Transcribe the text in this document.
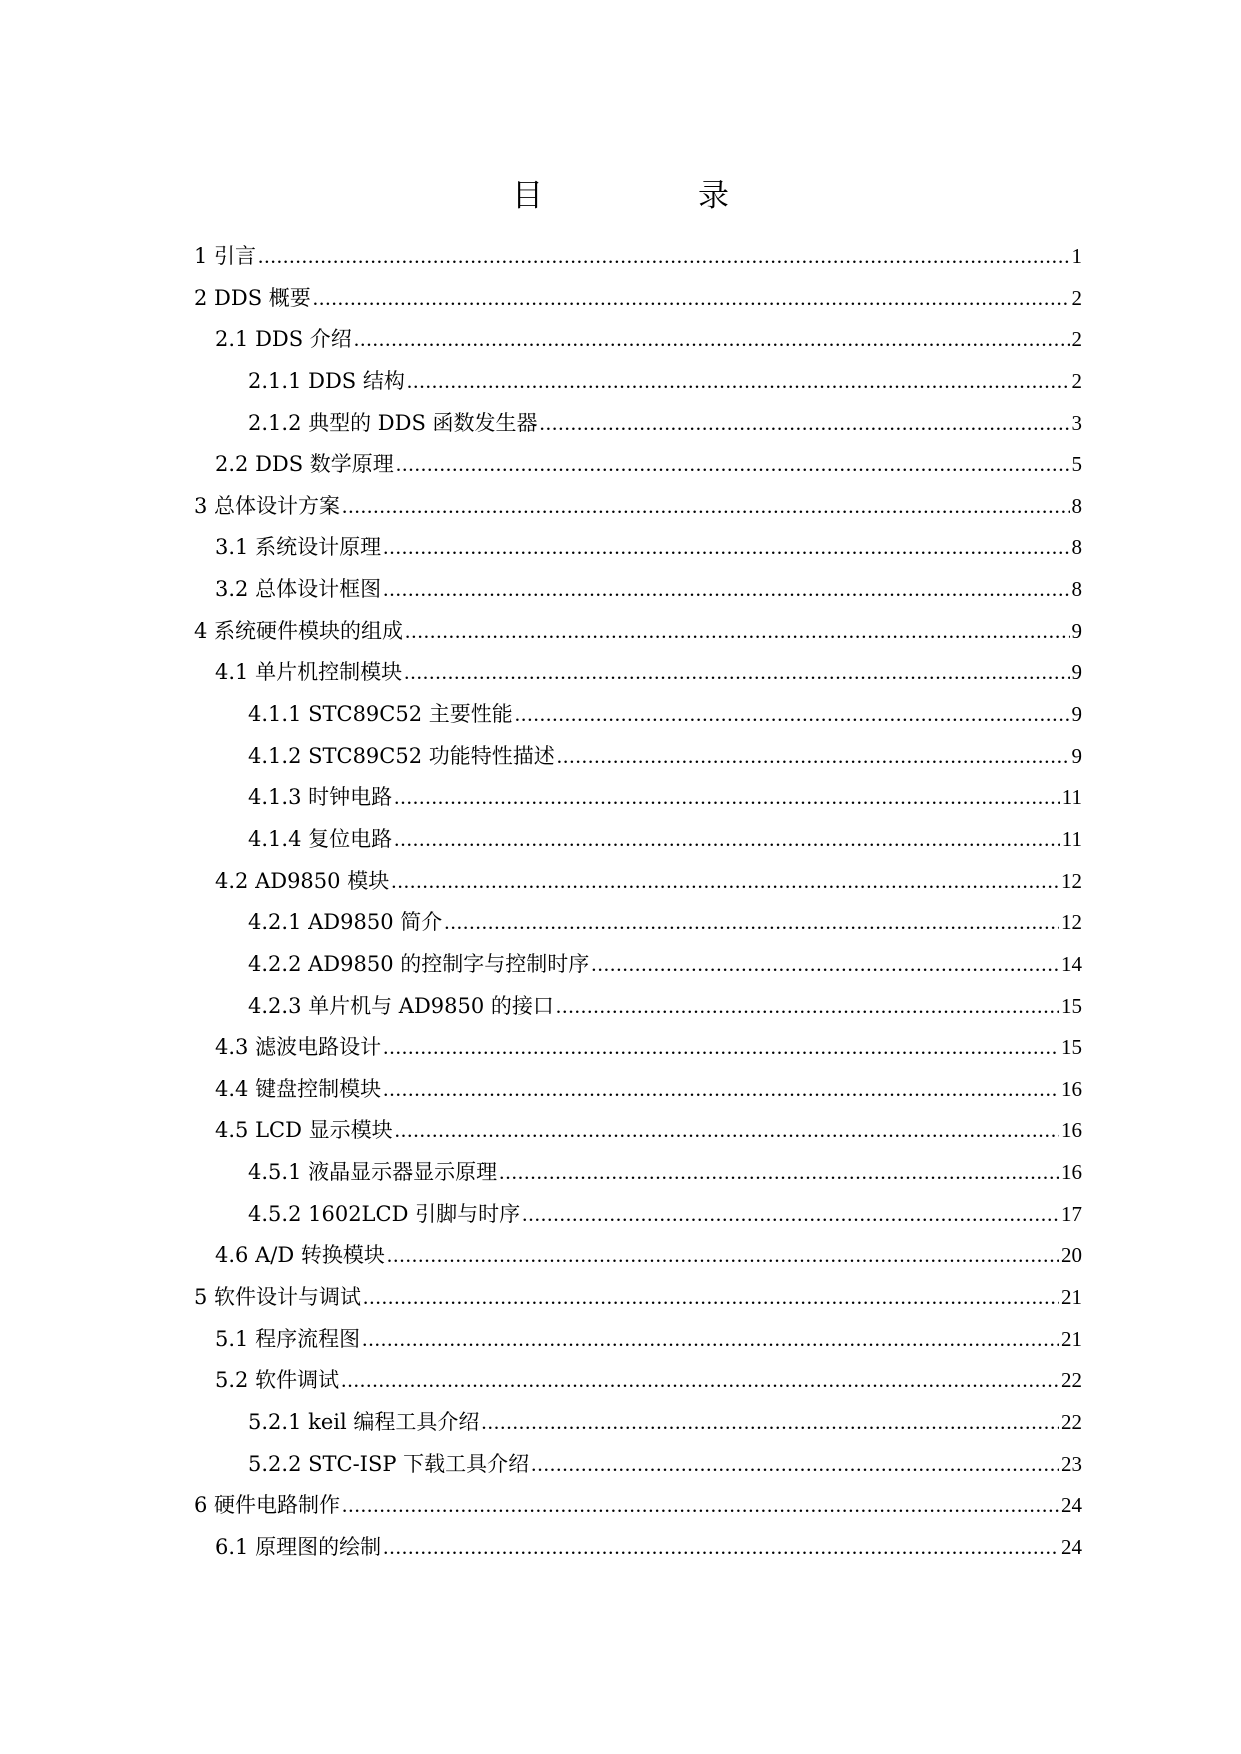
目　录
1 引言 .....	1
2 DDS 概要 .....	2
2.1 DDS 介绍 .....	2
2.1.1 DDS 结构 .....	2
2.1.2 典型的 DDS 函数发生器 .....	3
2.2 DDS 数学原理 .....	5
3 总体设计方案 .....	8
3.1 系统设计原理 .....	8
3.2 总体设计框图 .....	8
4 系统硬件模块的组成 .....	9
4.1 单片机控制模块 .....	9
4.1.1 STC89C52 主要性能 .....	9
4.1.2 STC89C52 功能特性描述 .....	9
4.1.3 时钟电路 .....	11
4.1.4 复位电路 .....	11
4.2 AD9850 模块 .....	12
4.2.1 AD9850 简介 .....	12
4.2.2 AD9850 的控制字与控制时序 .....	14
4.2.3 单片机与 AD9850 的接口 .....	15
4.3 滤波电路设计 .....	15
4.4 键盘控制模块 .....	16
4.5 LCD 显示模块 .....	16
4.5.1 液晶显示器显示原理 .....	16
4.5.2 1602LCD 引脚与时序 .....	17
4.6 A/D 转换模块 .....	20
5 软件设计与调试 .....	21
5.1 程序流程图 .....	21
5.2 软件调试 .....	22
5.2.1 keil 编程工具介绍 .....	22
5.2.2 STC-ISP 下载工具介绍 .....	23
6 硬件电路制作 .....	24
6.1 原理图的绘制 .....	24
